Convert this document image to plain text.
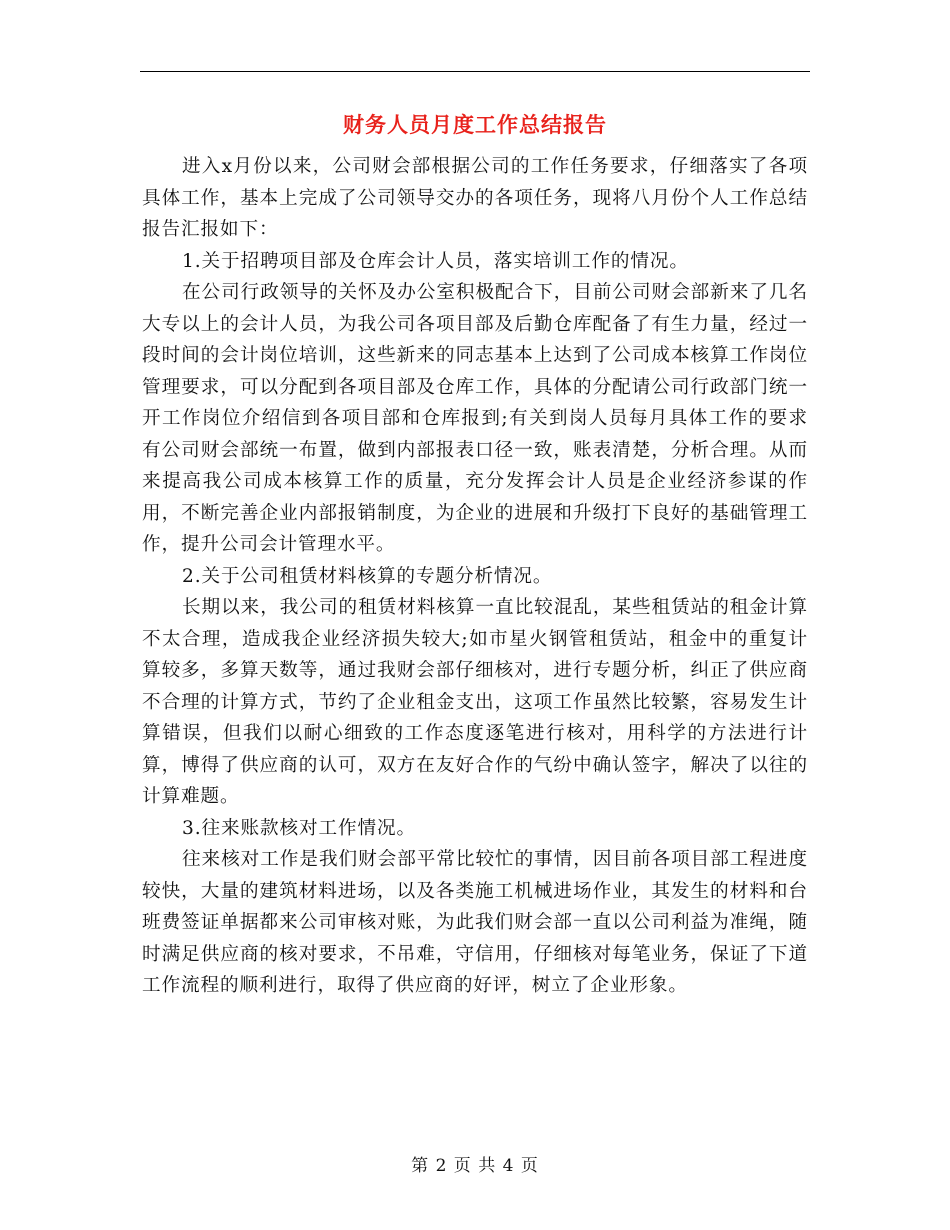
财务人员月度工作总结报告

进入x月份以来，公司财会部根据公司的工作任务要求，仔细落实了各项具体工作，基本上完成了公司领导交办的各项任务，现将八月份个人工作总结报告汇报如下：

1.关于招聘项目部及仓库会计人员，落实培训工作的情况。

在公司行政领导的关怀及办公室积极配合下，目前公司财会部新来了几名大专以上的会计人员，为我公司各项目部及后勤仓库配备了有生力量，经过一段时间的会计岗位培训，这些新来的同志基本上达到了公司成本核算工作岗位管理要求，可以分配到各项目部及仓库工作，具体的分配请公司行政部门统一开工作岗位介绍信到各项目部和仓库报到;有关到岗人员每月具体工作的要求有公司财会部统一布置，做到内部报表口径一致，账表清楚，分析合理。从而来提高我公司成本核算工作的质量，充分发挥会计人员是企业经济参谋的作用，不断完善企业内部报销制度，为企业的进展和升级打下良好的基础管理工作，提升公司会计管理水平。

2.关于公司租赁材料核算的专题分析情况。

长期以来，我公司的租赁材料核算一直比较混乱，某些租赁站的租金计算不太合理，造成我企业经济损失较大;如市星火钢管租赁站，租金中的重复计算较多，多算天数等，通过我财会部仔细核对，进行专题分析，纠正了供应商不合理的计算方式，节约了企业租金支出，这项工作虽然比较繁，容易发生计算错误，但我们以耐心细致的工作态度逐笔进行核对，用科学的方法进行计算，博得了供应商的认可，双方在友好合作的气纷中确认签字，解决了以往的计算难题。

3.往来账款核对工作情况。

往来核对工作是我们财会部平常比较忙的事情，因目前各项目部工程进度较快，大量的建筑材料进场，以及各类施工机械进场作业，其发生的材料和台班费签证单据都来公司审核对账，为此我们财会部一直以公司利益为准绳，随时满足供应商的核对要求，不吊难，守信用，仔细核对每笔业务，保证了下道工作流程的顺利进行，取得了供应商的好评，树立了企业形象。

第 2 页 共 4 页
